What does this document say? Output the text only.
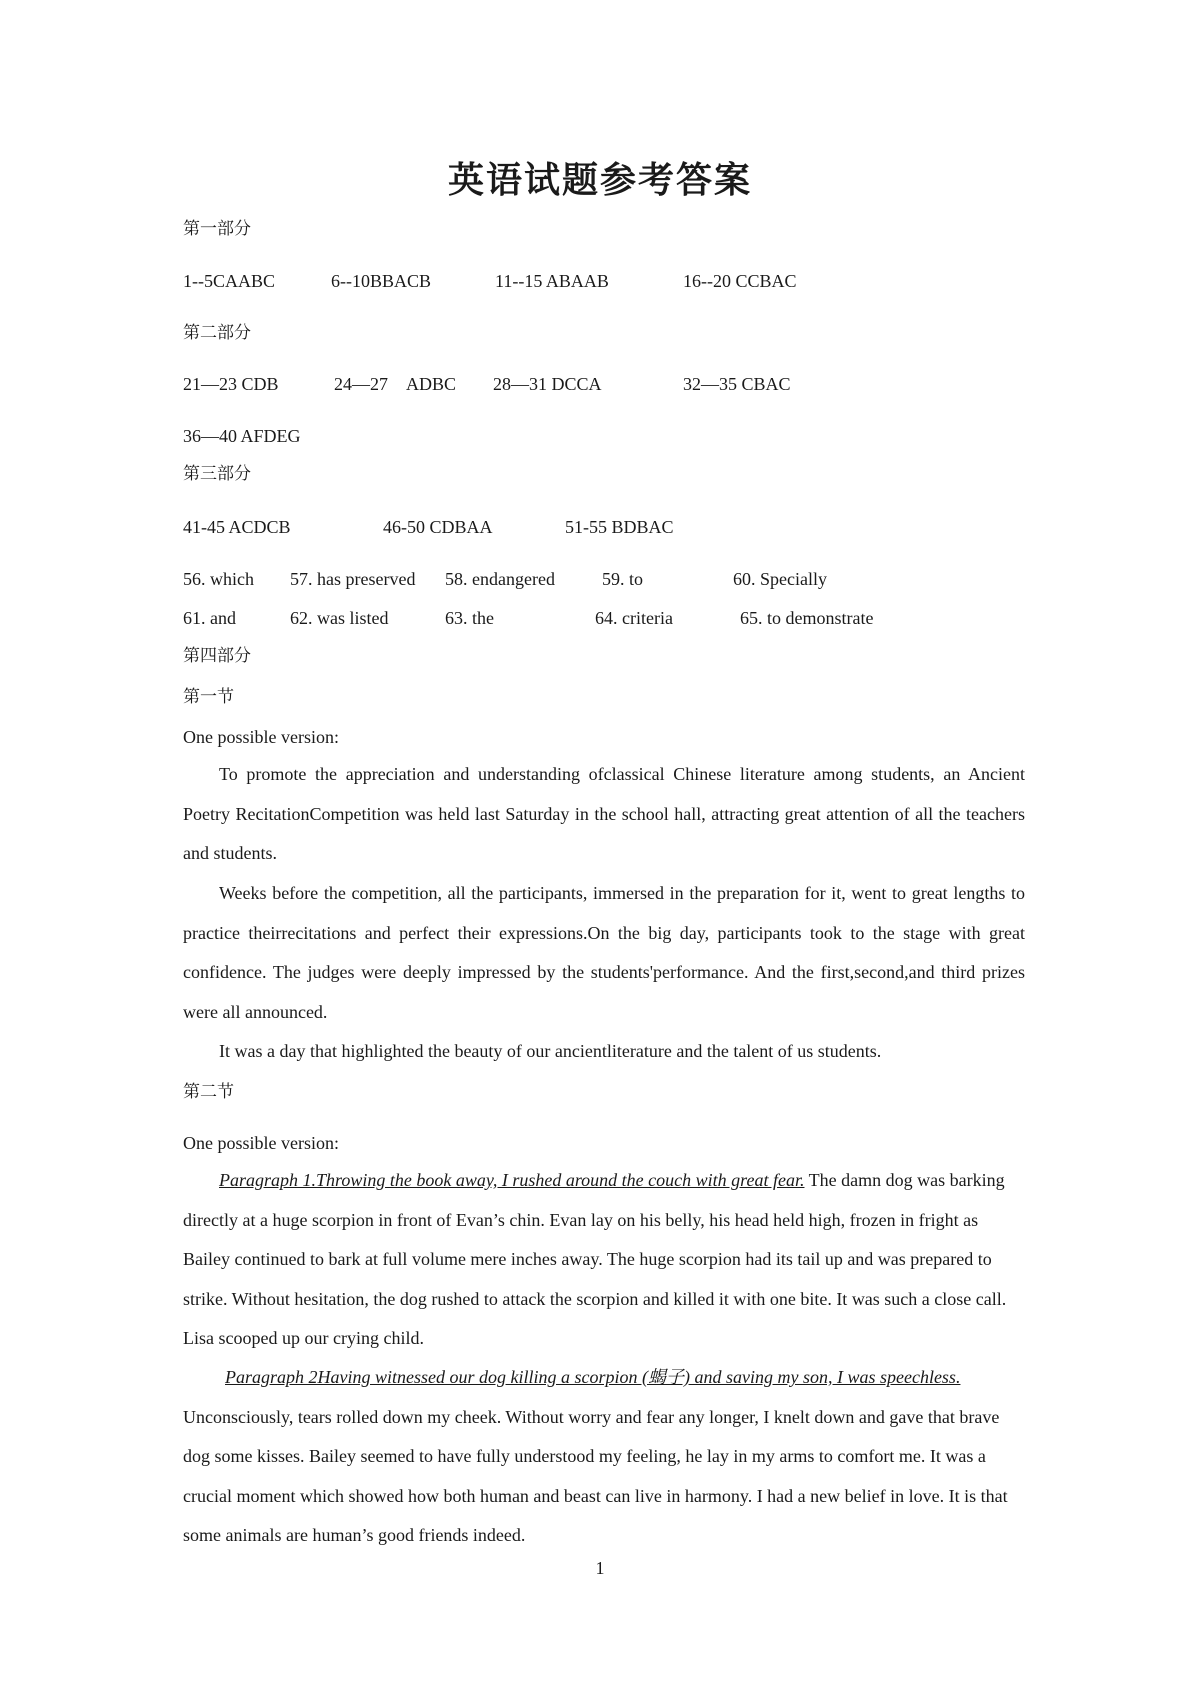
英语试题参考答案
第一部分
1--5CAABC	6--10BBACB	11--15 ABAAB	16--20 CCBAC
第二部分
21—23 CDB	24—27 ADBC 28—31 DCCA	32—35 CBAC
36—40 AFDEG
第三部分
41-45 ACDCB	46-50 CDBAA	51-55 BDBAC
56. which 57. has preserved 58. endangered	59. to	60. Specially
61. and	62. was listed	63. the	64. criteria	65. to demonstrate
第四部分
第一节
One possible version:
To promote the appreciation and understanding ofclassical Chinese literature among students, an Ancient Poetry RecitationCompetition was held last Saturday in the school hall, attracting great attention of all the teachers and students.
Weeks before the competition, all the participants, immersed in the preparation for it, went to great lengths to practice theirrecitations and perfect their expressions.On the big day, participants took to the stage with great confidence. The judges were deeply impressed by the students'performance. And the first,second,and third prizes were all announced.
It was a day that highlighted the beauty of our ancientliterature and the talent of us students.
第二节
One possible version:
Paragraph 1.Throwing the book away, I rushed around the couch with great fear. The damn dog was barking directly at a huge scorpion in front of Evan’s chin. Evan lay on his belly, his head held high, frozen in fright as Bailey continued to bark at full volume mere inches away. The huge scorpion had its tail up and was prepared to strike. Without hesitation, the dog rushed to attack the scorpion and killed it with one bite. It was such a close call. Lisa scooped up our crying child.
Paragraph 2Having witnessed our dog killing a scorpion (蝎子) and saving my son, I was speechless.
Unconsciously, tears rolled down my cheek. Without worry and fear any longer, I knelt down and gave that brave dog some kisses. Bailey seemed to have fully understood my feeling, he lay in my arms to comfort me. It was a crucial moment which showed how both human and beast can live in harmony. I had a new belief in love. It is that some animals are human’s good friends indeed.
1
